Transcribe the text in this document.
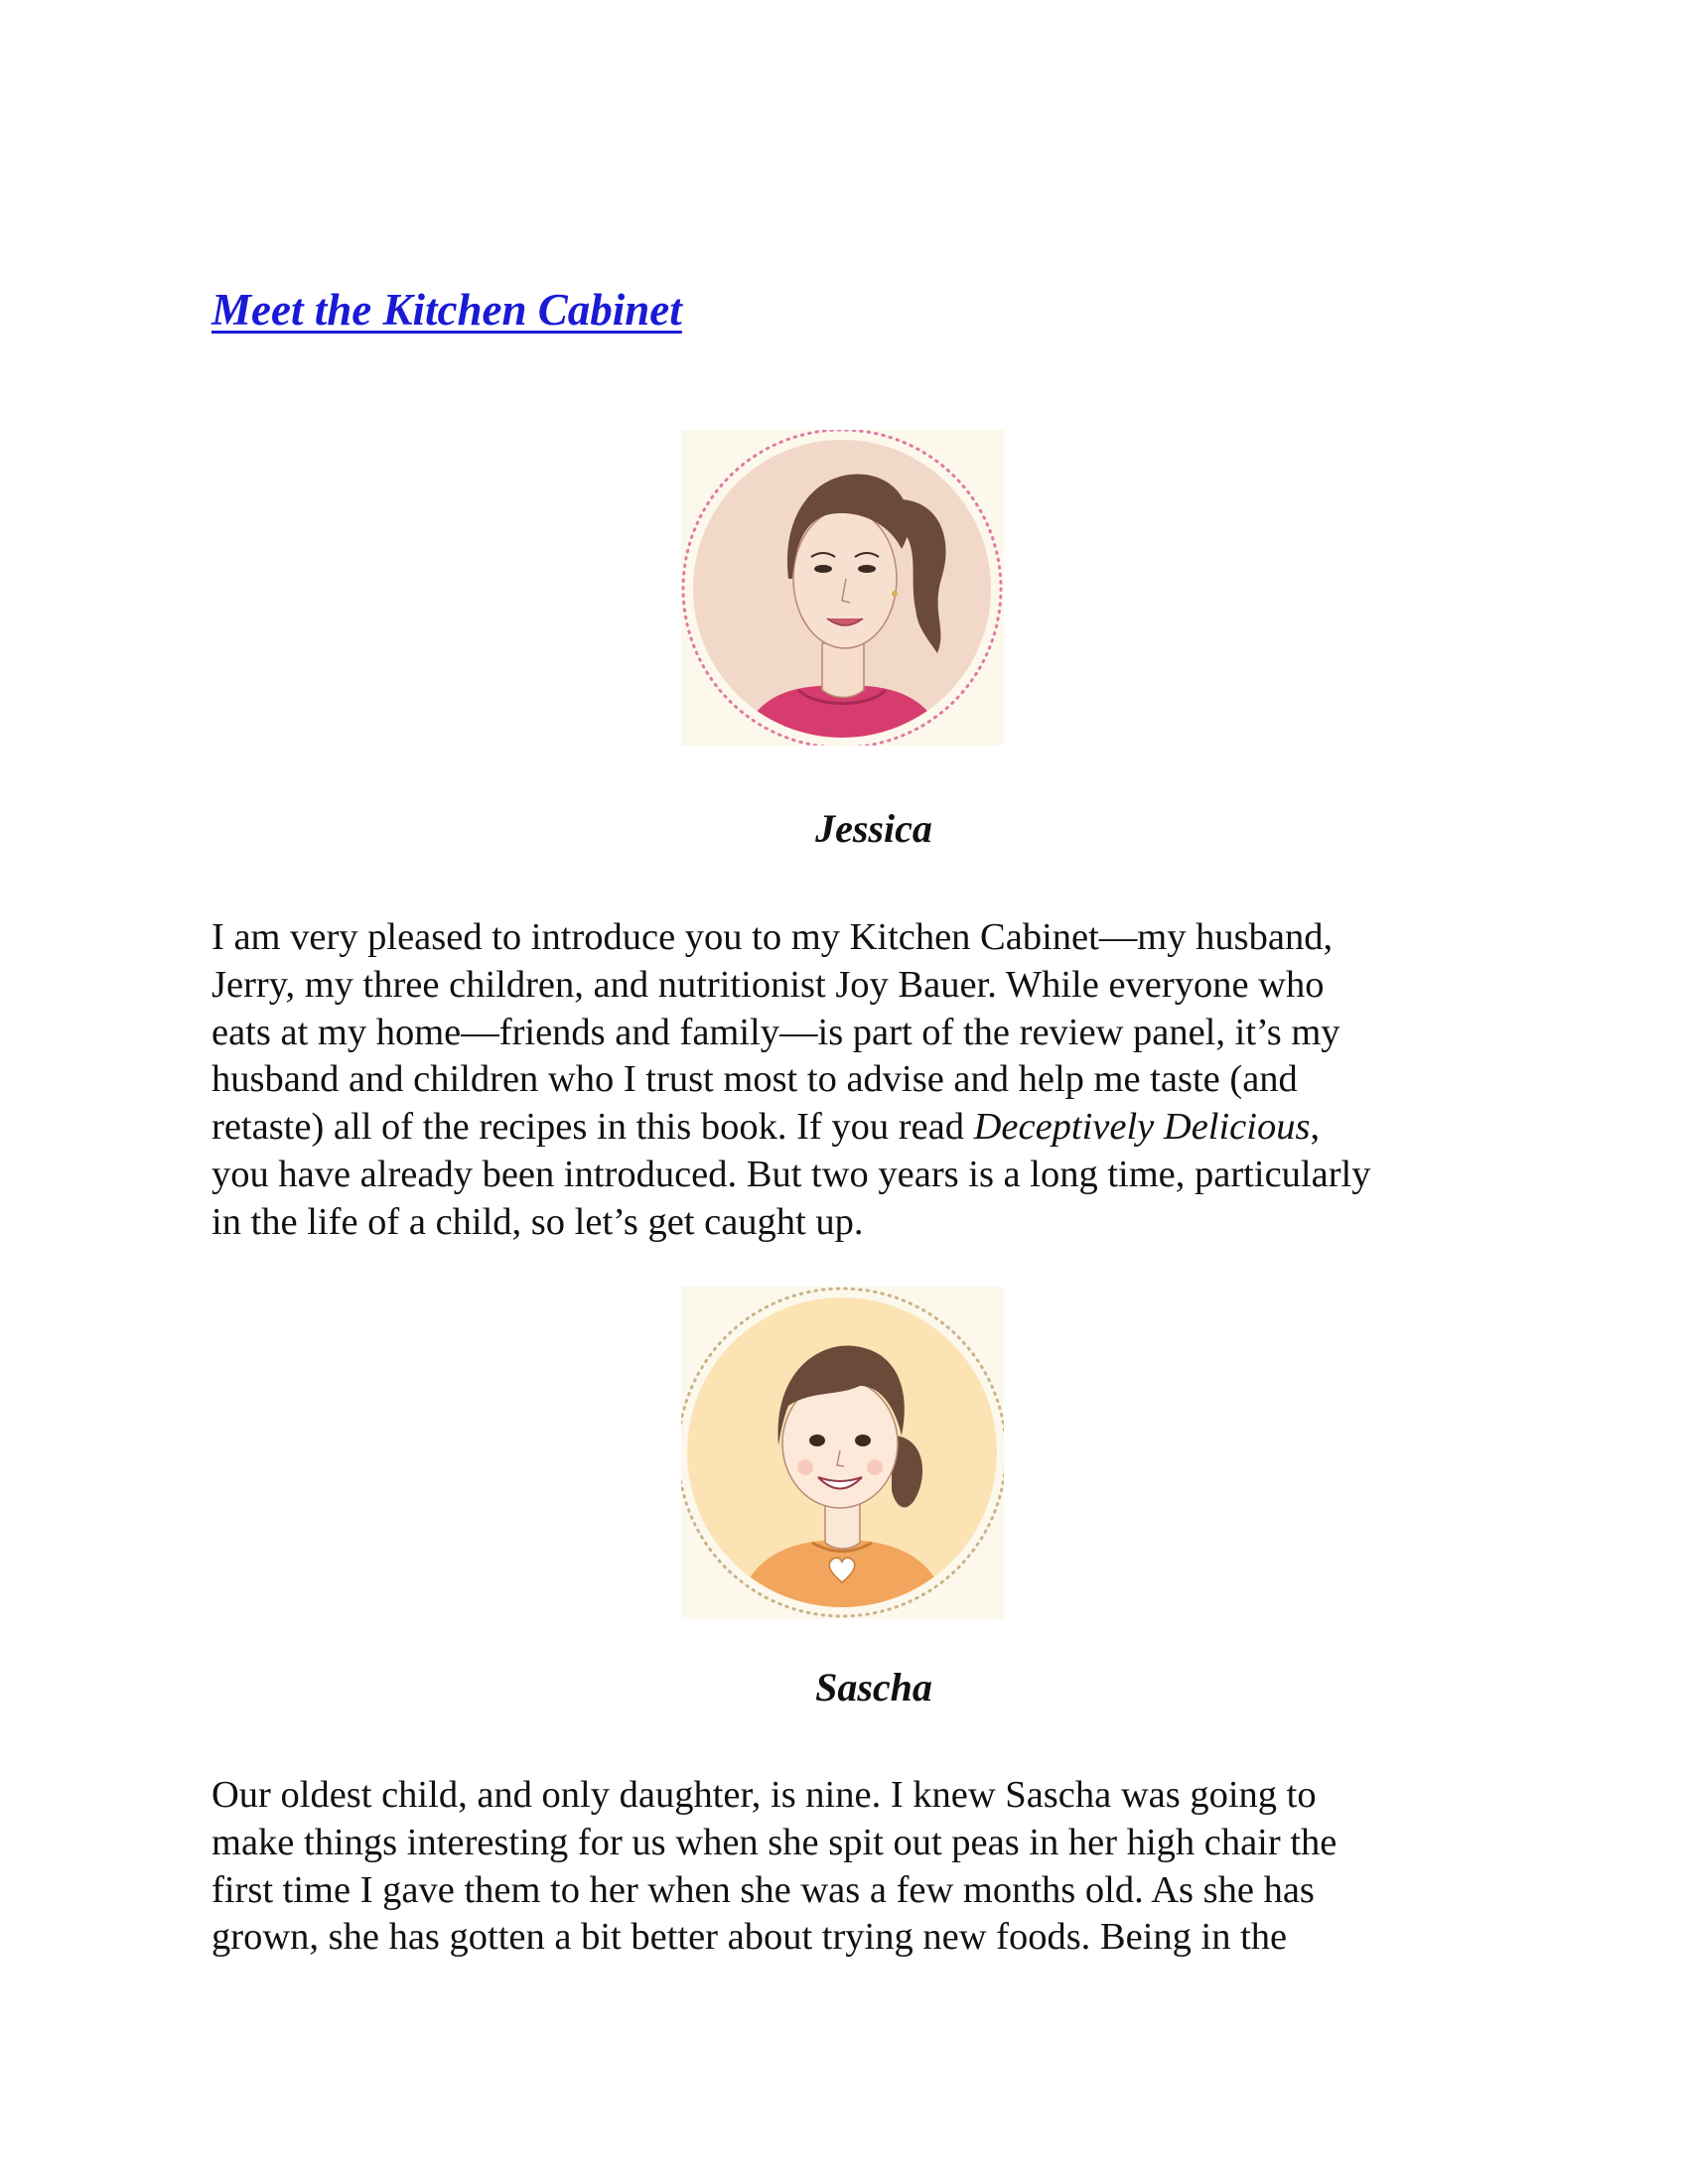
Meet the Kitchen Cabinet

Jessica

I am very pleased to introduce you to my Kitchen Cabinet—my husband,
Jerry, my three children, and nutritionist Joy Bauer. While everyone who
eats at my home—friends and family—is part of the review panel, it’s my
husband and children who I trust most to advise and help me taste (and
retaste) all of the recipes in this book. If you read Deceptively Delicious,
you have already been introduced. But two years is a long time, particularly
in the life of a child, so let’s get caught up.

Sascha

Our oldest child, and only daughter, is nine. I knew Sascha was going to
make things interesting for us when she spit out peas in her high chair the
first time I gave them to her when she was a few months old. As she has
grown, she has gotten a bit better about trying new foods. Being in the
